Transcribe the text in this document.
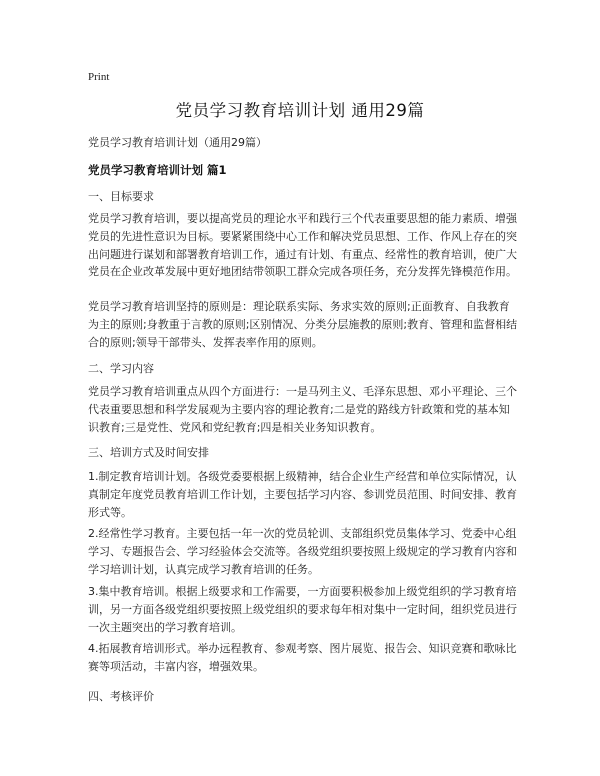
Print
党员学习教育培训计划 通用29篇
党员学习教育培训计划（通用29篇）
党员学习教育培训计划 篇1
一、目标要求

党员学习教育培训，要以提高党员的理论水平和践行三个代表重要思想的能力素质、增强党员的先进性意识为目标。要紧紧围绕中心工作和解决党员思想、工作、作风上存在的突出问题进行谋划和部署教育培训工作，通过有计划、有重点、经常性的教育培训，使广大党员在企业改革发展中更好地团结带领职工群众完成各项任务，充分发挥先锋模范作用。

党员学习教育培训坚持的原则是：理论联系实际、务求实效的原则;正面教育、自我教育为主的原则;身教重于言教的原则;区别情况、分类分层施教的原则;教育、管理和监督相结合的原则;领导干部带头、发挥表率作用的原则。

二、学习内容

党员学习教育培训重点从四个方面进行：一是马列主义、毛泽东思想、邓小平理论、三个代表重要思想和科学发展观为主要内容的理论教育;二是党的路线方针政策和党的基本知识教育;三是党性、党风和党纪教育;四是相关业务知识教育。

三、培训方式及时间安排

1.制定教育培训计划。各级党委要根据上级精神，结合企业生产经营和单位实际情况，认真制定年度党员教育培训工作计划，主要包括学习内容、参训党员范围、时间安排、教育形式等。

2.经常性学习教育。主要包括一年一次的党员轮训、支部组织党员集体学习、党委中心组学习、专题报告会、学习经验体会交流等。各级党组织要按照上级规定的学习教育内容和学习培训计划，认真完成学习教育培训的任务。

3.集中教育培训。根据上级要求和工作需要，一方面要积极参加上级党组织的学习教育培训，另一方面各级党组织要按照上级党组织的要求每年相对集中一定时间，组织党员进行一次主题突出的学习教育培训。

4.拓展教育培训形式。举办远程教育、参观考察、图片展览、报告会、知识竞赛和歌咏比赛等项活动，丰富内容，增强效果。

四、考核评价
